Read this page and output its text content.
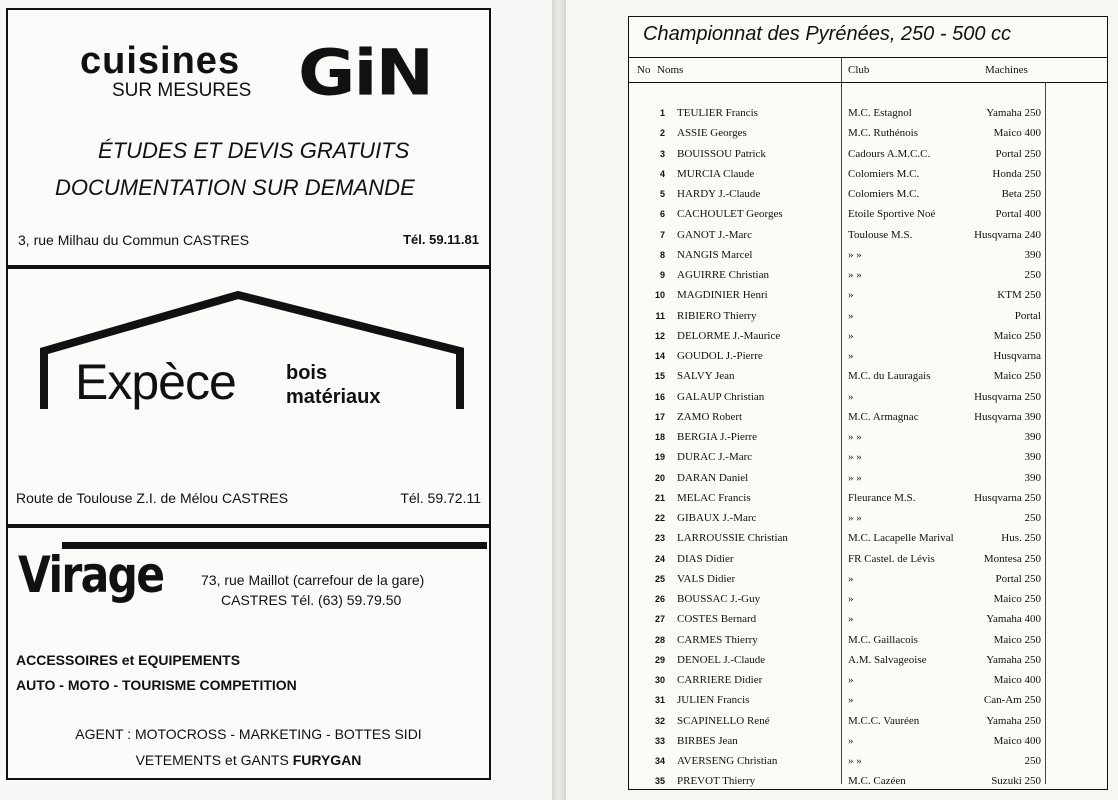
cuisines
SUR MESURES GiN
ÉTUDES ET DEVIS GRATUITS
DOCUMENTATION SUR DEMANDE
3, rue Milhau du Commun CASTRES	Tél. 59.11.81
Expèce	bois
matériaux
Route de Toulouse Z.I. de Mélou CASTRES	Tél. 59.72.11
Virage	73, rue Maillot (carrefour de la gare)
CASTRES Tél. (63) 59.79.50
ACCESSOIRES et EQUIPEMENTS
AUTO - MOTO - TOURISME COMPETITION
AGENT : MOTOCROSS - MARKETING - BOTTES SIDI
VETEMENTS et GANTS FURYGAN
Championnat des Pyrénées, 250 - 500 cc
No Noms	Club	Machines
1 TEULIER Francis	M.C. Estagnol	Yamaha 250
2 ASSIE Georges	M.C. Ruthénois	Maico 400
3 BOUISSOU Patrick	Cadours A.M.C.C.	Portal 250
4 MURCIA Claude	Colomiers M.C.	Honda 250
5 HARDY J.-Claude	Colomiers M.C.	Beta 250
6 CACHOULET Georges	Etoile Sportive Noé	Portal 400
7 GANOT J.-Marc	Toulouse M.S.	Husqvarna 240
8 NANGIS Marcel	» »	390
9 AGUIRRE Christian	» »	250
10 MAGDINIER Henri	»	KTM 250
11 RIBIERO Thierry	»	Portal
12 DELORME J.-Maurice	»	Maico 250
14 GOUDOL J.-Pierre	»	Husqvarna
15 SALVY Jean	M.C. du Lauragais	Maico 250
16 GALAUP Christian	»	Husqvarna 250
17 ZAMO Robert	M.C. Armagnac	Husqvarna 390
18 BERGIA J.-Pierre	» »	390
19 DURAC J.-Marc	» »	390
20 DARAN Daniel	» »	390
21 MELAC Francis	Fleurance M.S.	Husqvarna 250
22 GIBAUX J.-Marc	» »	250
23 LARROUSSIE Christian	M.C. Lacapelle Marival	Hus. 250
24 DIAS Didier	FR Castel. de Lévis	Montesa 250
25 VALS Didier	»	Portal 250
26 BOUSSAC J.-Guy	»	Maico 250
27 COSTES Bernard	»	Yamaha 400
28 CARMES Thierry	M.C. Gaillacois	Maico 250
29 DENOEL J.-Claude	A.M. Salvageoise	Yamaha 250
30 CARRIERE Didier	»	Maico 400
31 JULIEN Francis	»	Can-Am 250
32 SCAPINELLO René	M.C.C. Vauréen	Yamaha 250
33 BIRBES Jean	»	Maico 400
34 AVERSENG Christian	» »	250
35 PREVOT Thierry	M.C. Cazéen	Suzuki 250
